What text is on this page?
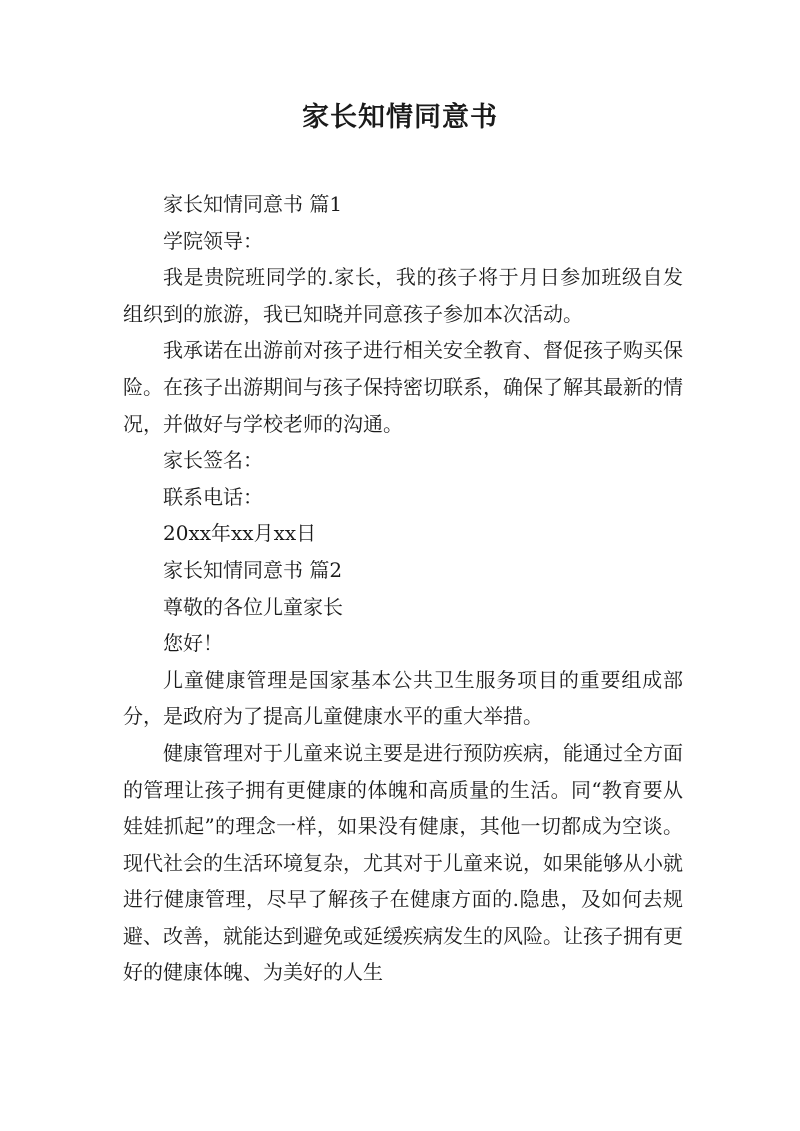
家长知情同意书

家长知情同意书 篇1

学院领导：

我是贵院班同学的.家长，我的孩子将于月日参加班级自发组织到的旅游，我已知晓并同意孩子参加本次活动。

我承诺在出游前对孩子进行相关安全教育、督促孩子购买保险。在孩子出游期间与孩子保持密切联系，确保了解其最新的情况，并做好与学校老师的沟通。

家长签名：

联系电话：

20xx年xx月xx日

家长知情同意书 篇2

尊敬的各位儿童家长

您好！

儿童健康管理是国家基本公共卫生服务项目的重要组成部分，是政府为了提高儿童健康水平的重大举措。

健康管理对于儿童来说主要是进行预防疾病，能通过全方面的管理让孩子拥有更健康的体魄和高质量的生活。同“教育要从娃娃抓起”的理念一样，如果没有健康，其他一切都成为空谈。现代社会的生活环境复杂，尤其对于儿童来说，如果能够从小就进行健康管理，尽早了解孩子在健康方面的.隐患，及如何去规避、改善，就能达到避免或延缓疾病发生的风险。让孩子拥有更好的健康体魄、为美好的人生
